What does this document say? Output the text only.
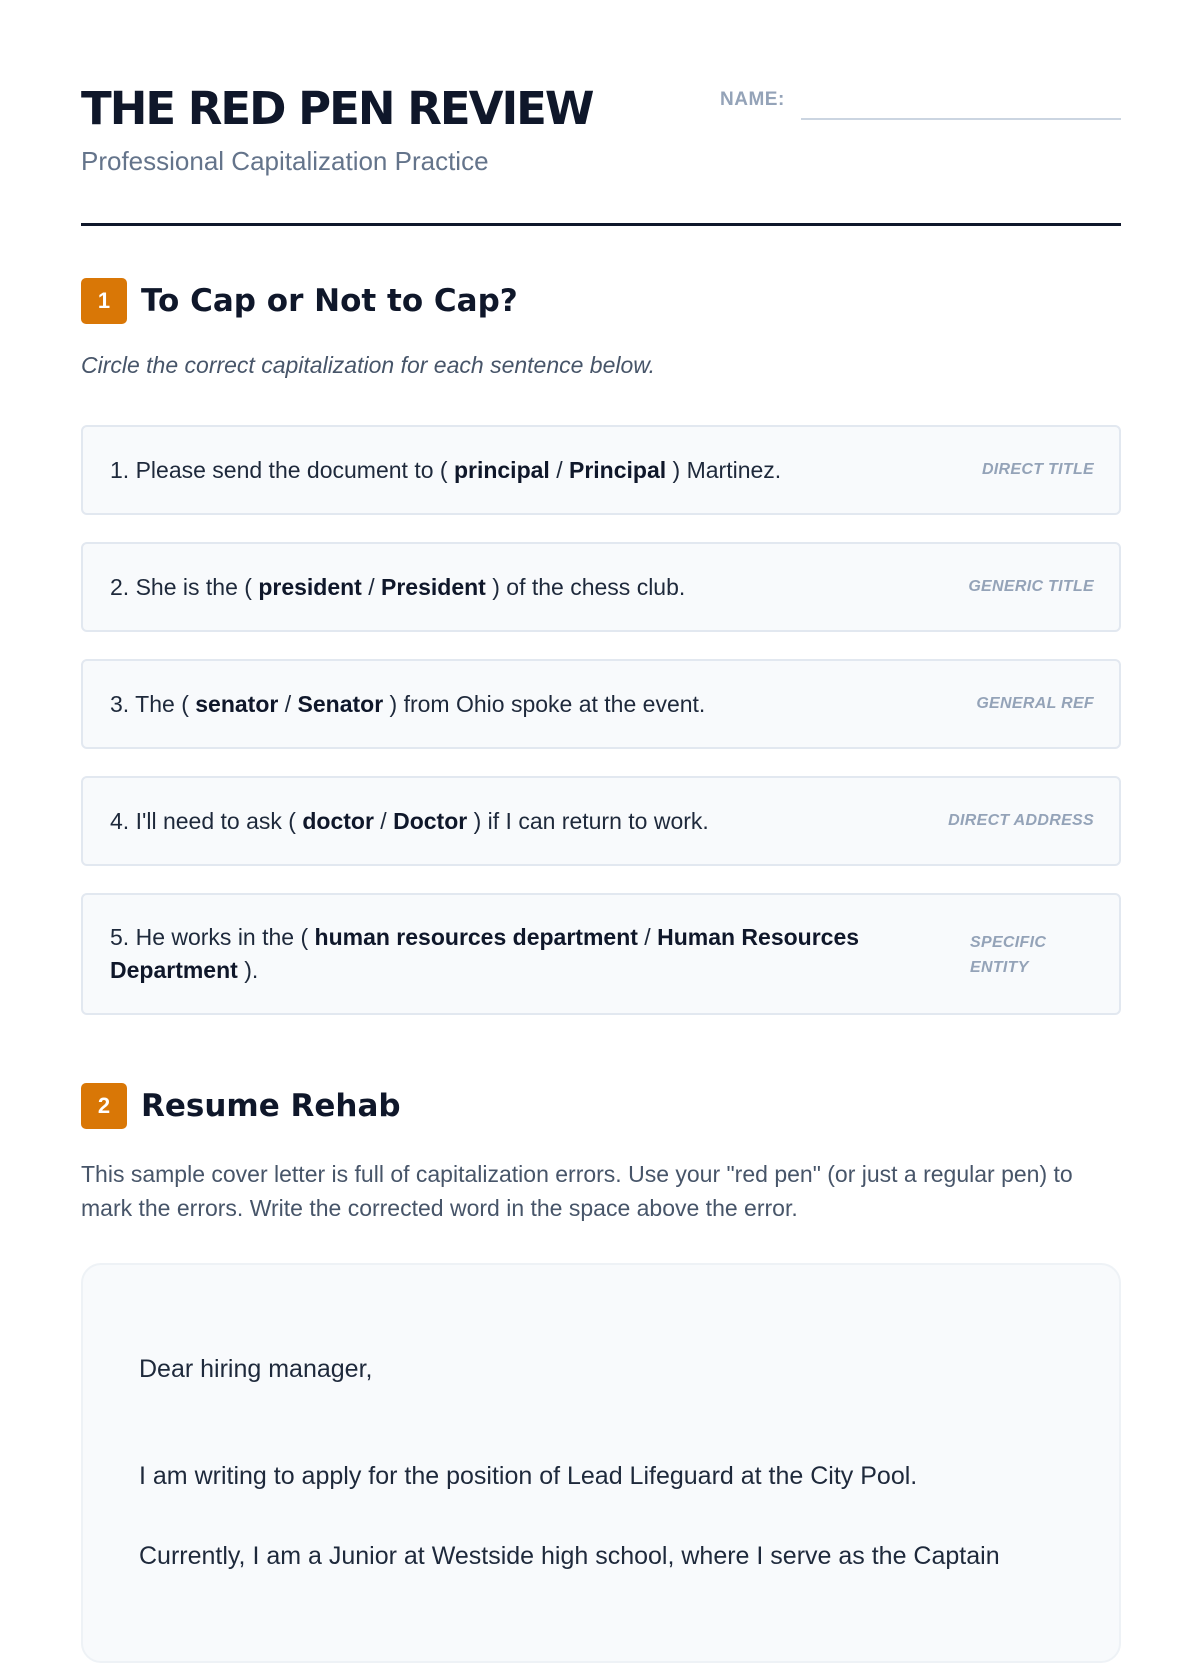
THE RED PEN REVIEW
Professional Capitalization Practice
NAME:
1 To Cap or Not to Cap?
Circle the correct capitalization for each sentence below.
1. Please send the document to ( principal / Principal ) Martinez.	DIRECT TITLE
2. She is the ( president / President ) of the chess club.	GENERIC TITLE
3. The ( senator / Senator ) from Ohio spoke at the event.	GENERAL REF
4. I'll need to ask ( doctor / Doctor ) if I can return to work.	DIRECT ADDRESS
5. He works in the ( human resources department / Human Resources Department ).
SPECIFIC
ENTITY
2 Resume Rehab
This sample cover letter is full of capitalization errors. Use your "red pen" (or just a regular pen) to mark the errors. Write the corrected word in the space above the error.
Dear hiring manager,
I am writing to apply for the position of Lead Lifeguard at the City Pool.
Currently, I am a Junior at Westside high school, where I serve as the Captain
